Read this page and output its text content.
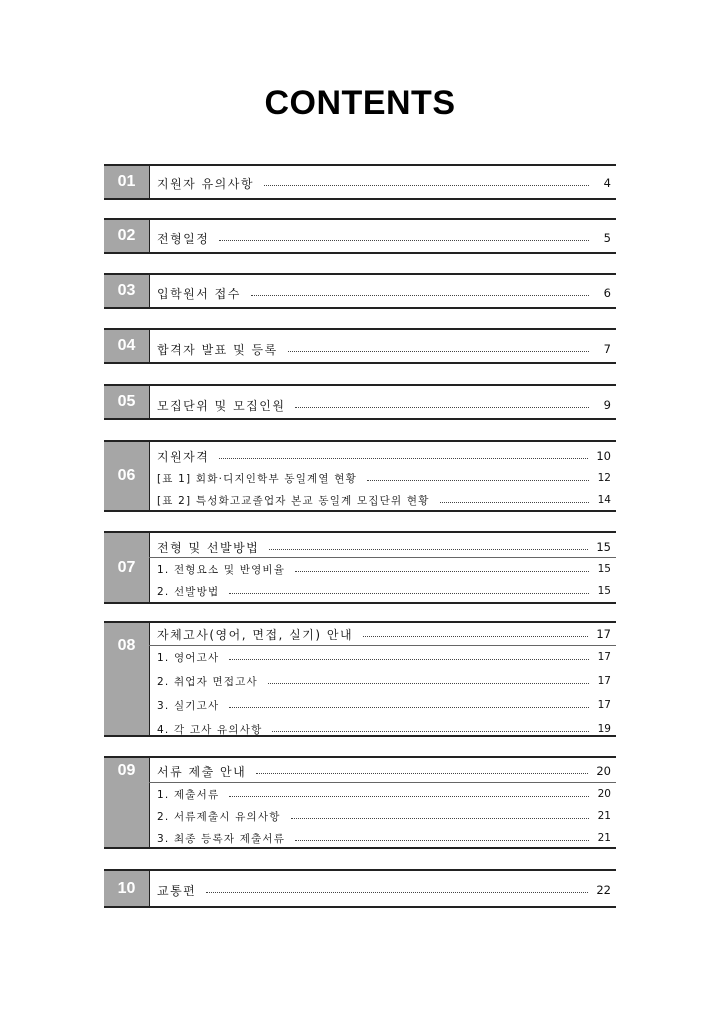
CONTENTS
01	지원자 유의사항	4
02	전형일정	5
03	입학원서 접수	6
04	합격자 발표 및 등록	7
05	모집단위 및 모집인원	9
06
지원자격	10
[표 1] 회화·디지인학부 동일계열 현황	12
[표 2] 특성화고교졸업자 본교 동일계 모집단위 현황	14
07
전형 및 선발방법	15
1. 전형요소 및 반영비율	15
2. 선발방법	15
08
자체고사(영어, 면접, 실기) 안내	17
1. 영어고사	17
2. 취업자 면접고사	17
3. 실기고사	17
4. 각 고사 유의사항	19
09	서류 제출 안내	20
1. 제출서류	20
2. 서류제출시 유의사항	21
3. 최종 등록자 제출서류	21
10	교통편	22
